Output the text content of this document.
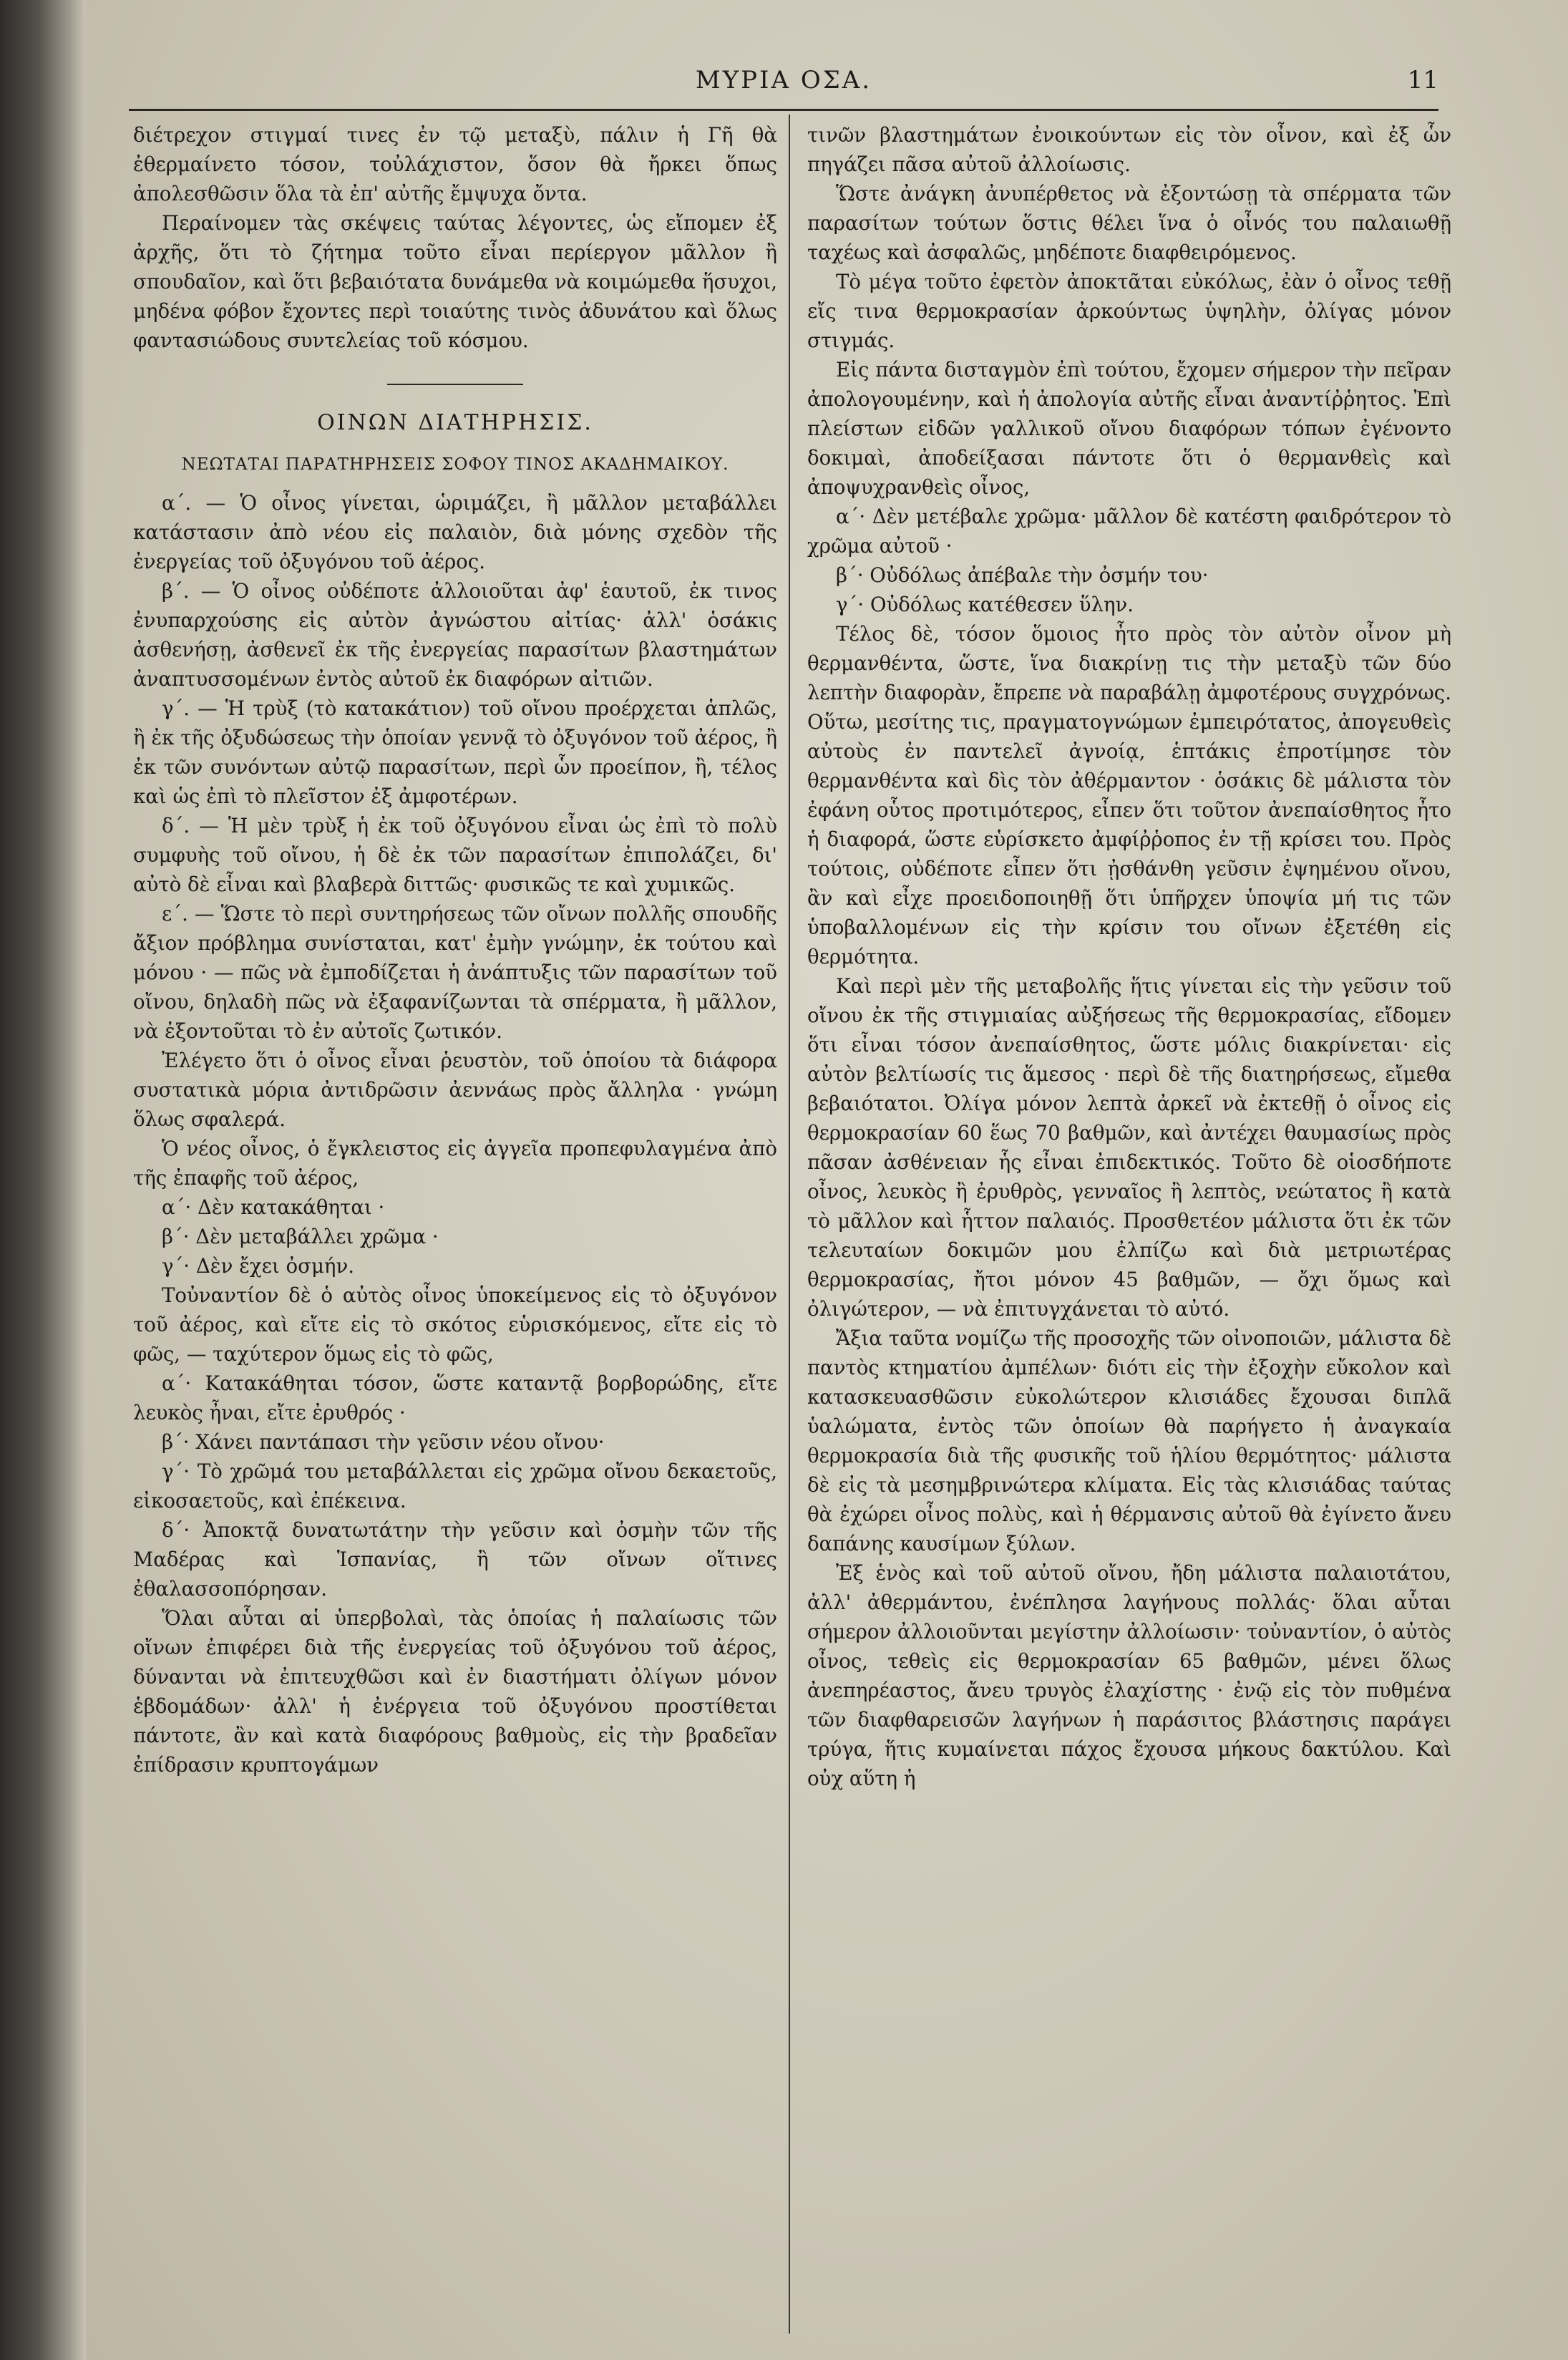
ΜΥΡΙΑ ΟΣΑ.	11

διέτρεχον στιγμαί τινες ἐν τῷ μεταξὺ, πάλιν ἡ Γῆ θὰ ἐθερμαίνετο τόσον, τοὐλάχιστον, ὅσον θὰ ἤρκει ὅπως ἀπολεσθῶσιν ὅλα τὰ ἐπ' αὐτῆς ἔμψυχα ὄντα.

Περαίνομεν τὰς σκέψεις ταύτας λέγοντες, ὡς εἴπομεν ἐξ ἀρχῆς, ὅτι τὸ ζήτημα τοῦτο εἶναι περίεργον μᾶλλον ἢ σπουδαῖον, καὶ ὅτι βεβαιότατα δυνάμεθα νὰ κοιμώμεθα ἥσυχοι, μηδένα φόβον ἔχοντες περὶ τοιαύτης τινὸς ἀδυνάτου καὶ ὅλως φαντασιώδους συντελείας τοῦ κόσμου.

ΟΙΝΩΝ ΔΙΑΤΗΡΗΣΙΣ.
ΝΕΩΤΑΤΑΙ ΠΑΡΑΤΗΡΗΣΕΙΣ ΣΟΦΟΥ ΤΙΝΟΣ ΑΚΑΔΗΜΑΙΚΟΥ.

α΄. — Ὁ οἶνος γίνεται, ὡριμάζει, ἢ μᾶλλον μεταβάλλει κατάστασιν ἀπὸ νέου εἰς παλαιὸν, διὰ μόνης σχεδὸν τῆς ἐνεργείας τοῦ ὀξυγόνου τοῦ ἀέρος.

β΄. — Ὁ οἶνος οὐδέποτε ἀλλοιοῦται ἀφ' ἑαυτοῦ, ἐκ τινος ἐνυπαρχούσης εἰς αὐτὸν ἀγνώστου αἰτίας· ἀλλ' ὁσάκις ἀσθενήσῃ, ἀσθενεῖ ἐκ τῆς ἐνεργείας παρασίτων βλαστημάτων ἀναπτυσσομένων ἐντὸς αὐτοῦ ἐκ διαφόρων αἰτιῶν.

γ΄. — Ἡ τρὺξ (τὸ κατακάτιον) τοῦ οἴνου προέρχεται ἁπλῶς, ἢ ἐκ τῆς ὀξυδώσεως τὴν ὁποίαν γεννᾷ τὸ ὀξυγόνον τοῦ ἀέρος, ἢ ἐκ τῶν συνόντων αὐτῷ παρασίτων, περὶ ὧν προείπον, ἢ, τέλος καὶ ὡς ἐπὶ τὸ πλεῖστον ἐξ ἀμφοτέρων.

δ΄. — Ἡ μὲν τρὺξ ἡ ἐκ τοῦ ὀξυγόνου εἶναι ὡς ἐπὶ τὸ πολὺ συμφυὴς τοῦ οἴνου, ἡ δὲ ἐκ τῶν παρασίτων ἐπιπολάζει, δι' αὐτὸ δὲ εἶναι καὶ βλαβερὰ διττῶς· φυσικῶς τε καὶ χυμικῶς.

ε΄. — Ὥστε τὸ περὶ συντηρήσεως τῶν οἴνων πολλῆς σπουδῆς ἄξιον πρόβλημα συνίσταται, κατ' ἐμὴν γνώμην, ἐκ τούτου καὶ μόνου · — πῶς νὰ ἐμποδίζεται ἡ ἀνάπτυξις τῶν παρασίτων τοῦ οἴνου, δηλαδὴ πῶς νὰ ἐξαφανίζωνται τὰ σπέρματα, ἢ μᾶλλον, νὰ ἐξοντοῦται τὸ ἐν αὐτοῖς ζωτικόν.

Ἐλέγετο ὅτι ὁ οἶνος εἶναι ῥευστὸν, τοῦ ὁποίου τὰ διάφορα συστατικὰ μόρια ἀντιδρῶσιν ἀεννάως πρὸς ἄλληλα · γνώμη ὅλως σφαλερά.

Ὁ νέος οἶνος, ὁ ἔγκλειστος εἰς ἀγγεῖα προπεφυλαγμένα ἀπὸ τῆς ἐπαφῆς τοῦ ἀέρος,

α΄· Δὲν κατακάθηται ·

β΄· Δὲν μεταβάλλει χρῶμα ·

γ΄· Δὲν ἔχει ὀσμήν.

Τοὐναντίον δὲ ὁ αὐτὸς οἶνος ὑποκείμενος εἰς τὸ ὀξυγόνον τοῦ ἀέρος, καὶ εἴτε εἰς τὸ σκότος εὑρισκόμενος, εἴτε εἰς τὸ φῶς, — ταχύτερον ὅμως εἰς τὸ φῶς,

α΄· Κατακάθηται τόσον, ὥστε καταντᾷ βορβορώδης, εἴτε λευκὸς ἦναι, εἴτε ἐρυθρός ·

β΄· Χάνει παντάπασι τὴν γεῦσιν νέου οἴνου·

γ΄· Τὸ χρῶμά του μεταβάλλεται εἰς χρῶμα οἴνου δεκαετοῦς, εἰκοσαετοῦς, καὶ ἐπέκεινα.

δ΄· Ἀποκτᾷ δυνατωτάτην τὴν γεῦσιν καὶ ὀσμὴν τῶν τῆς Μαδέρας καὶ Ἱσπανίας, ἢ τῶν οἴνων οἵτινες ἐθαλασσοπόρησαν.

Ὅλαι αὗται αἱ ὑπερβολαὶ, τὰς ὁποίας ἡ παλαίωσις τῶν οἴνων ἐπιφέρει διὰ τῆς ἐνεργείας τοῦ ὀξυγόνου τοῦ ἀέρος, δύνανται νὰ ἐπιτευχθῶσι καὶ ἐν διαστήματι ὀλίγων μόνον ἑβδομάδων· ἀλλ' ἡ ἐνέργεια τοῦ ὀξυγόνου προστίθεται πάντοτε, ἂν καὶ κατὰ διαφόρους βαθμοὺς, εἰς τὴν βραδεῖαν ἐπίδρασιν κρυπτογάμων

τινῶν βλαστημάτων ἐνοικούντων εἰς τὸν οἶνον, καὶ ἐξ ὧν πηγάζει πᾶσα αὐτοῦ ἀλλοίωσις.

Ὥστε ἀνάγκη ἀνυπέρθετος νὰ ἐξοντώσῃ τὰ σπέρματα τῶν παρασίτων τούτων ὅστις θέλει ἵνα ὁ οἶνός του παλαιωθῇ ταχέως καὶ ἀσφαλῶς, μηδέποτε διαφθειρόμενος.

Τὸ μέγα τοῦτο ἐφετὸν ἀποκτᾶται εὐκόλως, ἐὰν ὁ οἶνος τεθῇ εἴς τινα θερμοκρασίαν ἀρκούντως ὑψηλὴν, ὀλίγας μόνον στιγμάς.

Εἰς πάντα δισταγμὸν ἐπὶ τούτου, ἔχομεν σήμερον τὴν πεῖραν ἀπολογουμένην, καὶ ἡ ἀπολογία αὐτῆς εἶναι ἀναντίῤῥητος. Ἐπὶ πλείστων εἰδῶν γαλλικοῦ οἴνου διαφόρων τόπων ἐγένοντο δοκιμαὶ, ἀποδείξασαι πάντοτε ὅτι ὁ θερμανθεὶς καὶ ἀποψυχρανθεὶς οἶνος,

α΄· Δὲν μετέβαλε χρῶμα· μᾶλλον δὲ κατέστη φαιδρότερον τὸ χρῶμα αὐτοῦ ·

β΄· Οὐδόλως ἀπέβαλε τὴν ὀσμήν του·

γ΄· Οὐδόλως κατέθεσεν ὕλην.

Τέλος δὲ, τόσον ὅμοιος ἦτο πρὸς τὸν αὐτὸν οἶνον μὴ θερμανθέντα, ὥστε, ἵνα διακρίνῃ τις τὴν μεταξὺ τῶν δύο λεπτὴν διαφορὰν, ἔπρεπε νὰ παραβάλῃ ἀμφοτέρους συγχρόνως. Οὕτω, μεσίτης τις, πραγματογνώμων ἐμπειρότατος, ἀπογευθεὶς αὐτοὺς ἐν παντελεῖ ἀγνοίᾳ, ἑπτάκις ἐπροτίμησε τὸν θερμανθέντα καὶ δὶς τὸν ἀθέρμαντον · ὁσάκις δὲ μάλιστα τὸν ἐφάνη οὗτος προτιμότερος, εἶπεν ὅτι τοῦτον ἀνεπαίσθητος ἦτο ἡ διαφορά, ὥστε εὑρίσκετο ἀμφίῤῥοπος ἐν τῇ κρίσει του. Πρὸς τούτοις, οὐδέποτε εἶπεν ὅτι ᾐσθάνθη γεῦσιν ἐψημένου οἴνου, ἂν καὶ εἶχε προειδοποιηθῇ ὅτι ὑπῆρχεν ὑποψία μή τις τῶν ὑποβαλλομένων εἰς τὴν κρίσιν του οἴνων ἐξετέθη εἰς θερμότητα.

Καὶ περὶ μὲν τῆς μεταβολῆς ἥτις γίνεται εἰς τὴν γεῦσιν τοῦ οἴνου ἐκ τῆς στιγμιαίας αὐξήσεως τῆς θερμοκρασίας, εἴδομεν ὅτι εἶναι τόσον ἀνεπαίσθητος, ὥστε μόλις διακρίνεται· εἰς αὐτὸν βελτίωσίς τις ἅμεσος · περὶ δὲ τῆς διατηρήσεως, εἴμεθα βεβαιότατοι. Ὀλίγα μόνον λεπτὰ ἀρκεῖ νὰ ἐκτεθῇ ὁ οἶνος εἰς θερμοκρασίαν 60 ἕως 70 βαθμῶν, καὶ ἀντέχει θαυμασίως πρὸς πᾶσαν ἀσθένειαν ἧς εἶναι ἐπιδεκτικός. Τοῦτο δὲ οἱοσδήποτε οἶνος, λευκὸς ἢ ἐρυθρὸς, γενναῖος ἢ λεπτὸς, νεώτατος ἢ κατὰ τὸ μᾶλλον καὶ ἧττον παλαιός. Προσθετέον μάλιστα ὅτι ἐκ τῶν τελευταίων δοκιμῶν μου ἐλπίζω καὶ διὰ μετριωτέρας θερμοκρασίας, ἤτοι μόνον 45 βαθμῶν, — ὄχι ὅμως καὶ ὀλιγώτερον, — νὰ ἐπιτυγχάνεται τὸ αὐτό.

Ἄξια ταῦτα νομίζω τῆς προσοχῆς τῶν οἰνοποιῶν, μάλιστα δὲ παντὸς κτηματίου ἀμπέλων· διότι εἰς τὴν ἐξοχὴν εὔκολον καὶ κατασκευασθῶσιν εὐκολώτερον κλισιάδες ἔχουσαι διπλᾶ ὑαλώματα, ἐντὸς τῶν ὁποίων θὰ παρήγετο ἡ ἀναγκαία θερμοκρασία διὰ τῆς φυσικῆς τοῦ ἡλίου θερμότητος· μάλιστα δὲ εἰς τὰ μεσημβρινώτερα κλίματα. Εἰς τὰς κλισιάδας ταύτας θὰ ἐχώρει οἶνος πολὺς, καὶ ἡ θέρμανσις αὐτοῦ θὰ ἐγίνετο ἄνευ δαπάνης καυσίμων ξύλων.

Ἐξ ἑνὸς καὶ τοῦ αὐτοῦ οἴνου, ἤδη μάλιστα παλαιοτάτου, ἀλλ' ἀθερμάντου, ἐνέπλησα λαγήνους πολλάς· ὅλαι αὗται σήμερον ἀλλοιοῦνται μεγίστην ἀλλοίωσιν· τοὐναντίον, ὁ αὐτὸς οἶνος, τεθεὶς εἰς θερμοκρασίαν 65 βαθμῶν, μένει ὅλως ἀνεπηρέαστος, ἄνευ τρυγὸς ἐλαχίστης · ἐνῷ εἰς τὸν πυθμένα τῶν διαφθαρεισῶν λαγήνων ἡ παράσιτος βλάστησις παράγει τρύγα, ἥτις κυμαίνεται πάχος ἔχουσα μήκους δακτύλου. Καὶ οὐχ αὕτη ἡ
